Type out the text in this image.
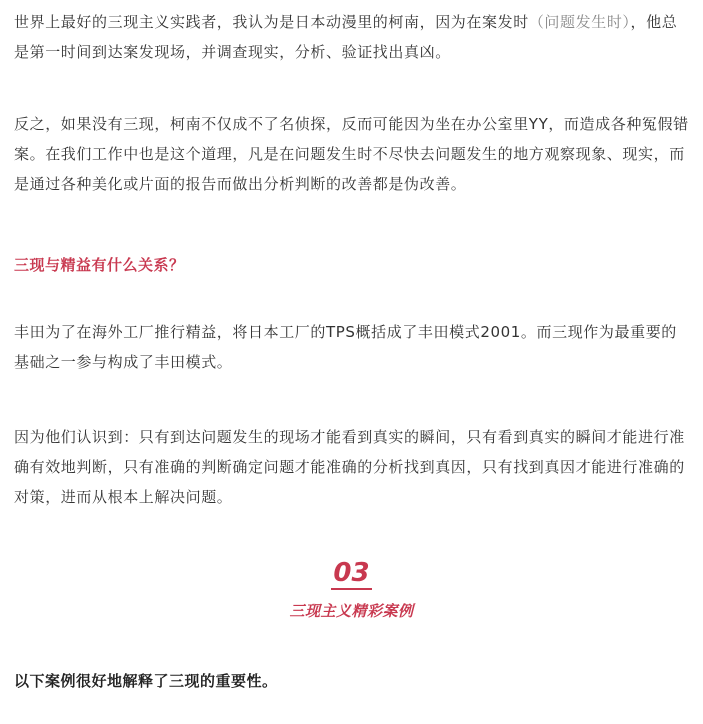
世界上最好的三现主义实践者，我认为是日本动漫里的柯南，因为在案发时（问题发生时），他总是第一时间到达案发现场，并调查现实，分析、验证找出真凶。

反之，如果没有三现，柯南不仅成不了名侦探，反而可能因为坐在办公室里YY，而造成各种冤假错案。在我们工作中也是这个道理，凡是在问题发生时不尽快去问题发生的地方观察现象、现实，而是通过各种美化或片面的报告而做出分析判断的改善都是伪改善。

三现与精益有什么关系？

丰田为了在海外工厂推行精益，将日本工厂的TPS概括成了丰田模式2001。而三现作为最重要的基础之一参与构成了丰田模式。

因为他们认识到：只有到达问题发生的现场才能看到真实的瞬间，只有看到真实的瞬间才能进行准确有效地判断，只有准确的判断确定问题才能准确的分析找到真因，只有找到真因才能进行准确的对策，进而从根本上解决问题。

03
三现主义精彩案例

以下案例很好地解释了三现的重要性。
